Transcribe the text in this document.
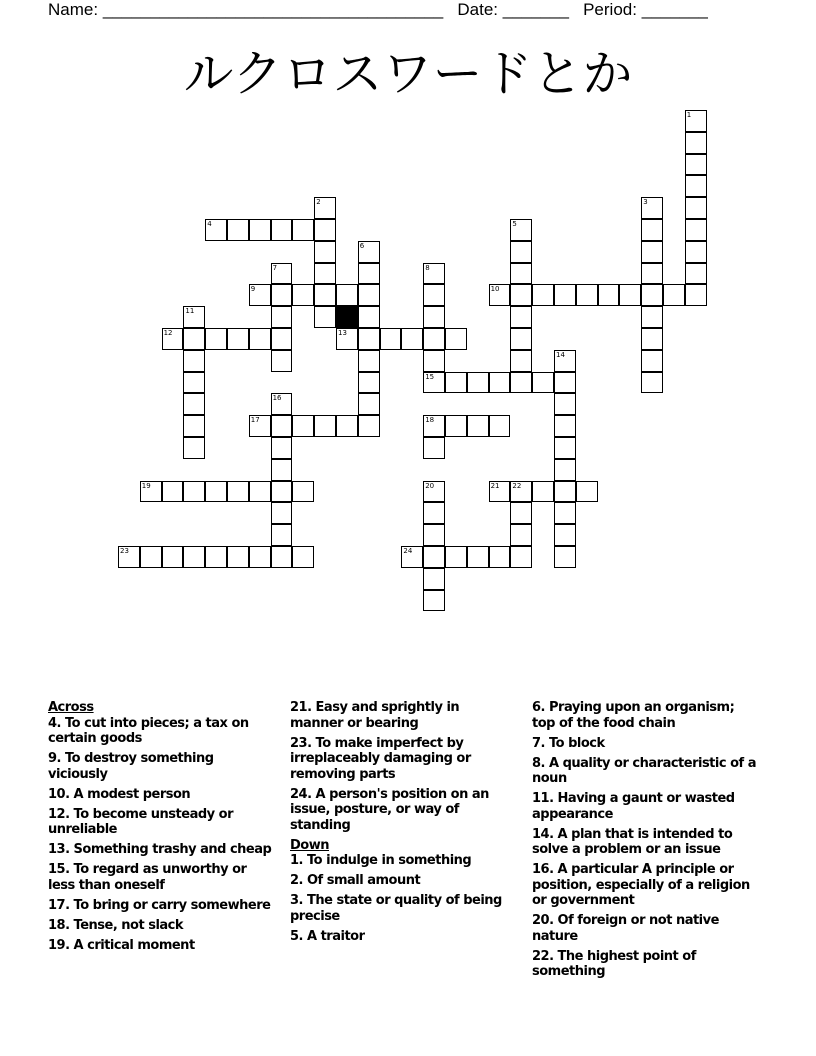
Name: ____________________________________ Date: _______ Period: _______
ルクロスワードとか
1
2	3
4	5
6
7	8
9	10
11
12	13
14
15
16
17	18
19	20	21 22
23	24
Across
4. To cut into pieces; a tax on certain goods
9. To destroy something viciously
10. A modest person
12. To become unsteady or unreliable
13. Something trashy and cheap
15. To regard as unworthy or less than oneself
17. To bring or carry somewhere
18. Tense, not slack
19. A critical moment
21. Easy and sprightly in manner or bearing
23. To make imperfect by irreplaceably damaging or removing parts
24. A person's position on an issue, posture, or way of standing
Down
1. To indulge in something
2. Of small amount
3. The state or quality of being precise
5. A traitor
6. Praying upon an organism; top of the food chain
7. To block
8. A quality or characteristic of a noun
11. Having a gaunt or wasted appearance
14. A plan that is intended to solve a problem or an issue
16. A particular A principle or position, especially of a religion or government
20. Of foreign or not native nature
22. The highest point of something
